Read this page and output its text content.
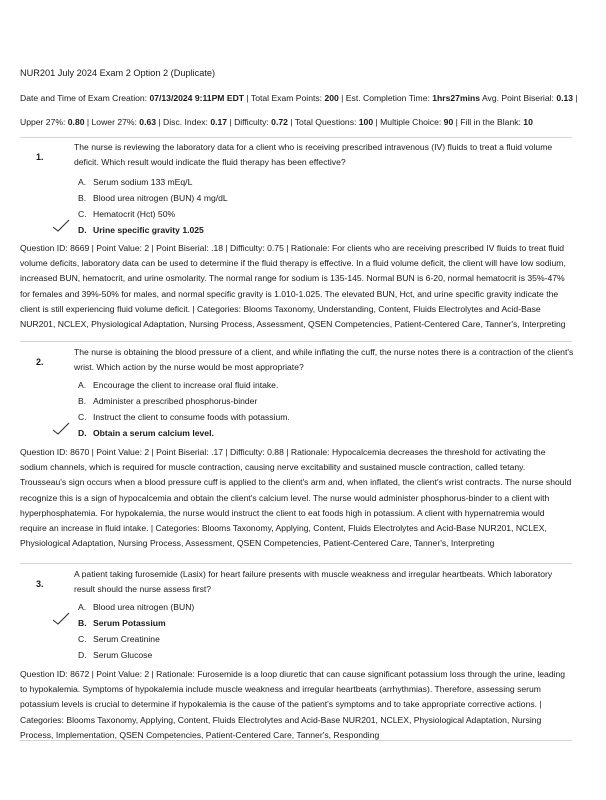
NUR201 July 2024 Exam 2 Option 2 (Duplicate)
Date and Time of Exam Creation: 07/13/2024 9:11PM EDT | Total Exam Points: 200 | Est. Completion Time: 1hrs27mins Avg. Point Biserial: 0.13 |
Upper 27%: 0.80 | Lower 27%: 0.63 | Disc. Index: 0.17 | Difficulty: 0.72 | Total Questions: 100 | Multiple Choice: 90 | Fill in the Blank: 10
1.
The nurse is reviewing the laboratory data for a client who is receiving prescribed intravenous (IV) fluids to treat a fluid volume deficit. Which result would indicate the fluid therapy has been effective?
A. Serum sodium 133 mEq/L
B. Blood urea nitrogen (BUN) 4 mg/dL
C. Hematocrit (Hct) 50%
D. Urine specific gravity 1.025
Question ID: 8669 | Point Value: 2 | Point Biserial: .18 | Difficulty: 0.75 | Rationale: For clients who are receiving prescribed IV fluids to treat fluid volume deficits, laboratory data can be used to determine if the fluid therapy is effective. In a fluid volume deficit, the client will have low sodium, increased BUN, hematocrit, and urine osmolarity. The normal range for sodium is 135-145. Normal BUN is 6-20, normal hematocrit is 35%-47% for females and 39%-50% for males, and normal specific gravity is 1.010-1.025. The elevated BUN, Hct, and urine specific gravity indicate the client is still experiencing fluid volume deficit. | Categories: Blooms Taxonomy, Understanding, Content, Fluids Electrolytes and Acid-Base NUR201, NCLEX, Physiological Adaptation, Nursing Process, Assessment, QSEN Competencies, Patient-Centered Care, Tanner's, Interpreting
2.
The nurse is obtaining the blood pressure of a client, and while inflating the cuff, the nurse notes there is a contraction of the client's wrist. Which action by the nurse would be most appropriate?
A. Encourage the client to increase oral fluid intake.
B. Administer a prescribed phosphorus-binder
C. Instruct the client to consume foods with potassium.
D. Obtain a serum calcium level.
Question ID: 8670 | Point Value: 2 | Point Biserial: .17 | Difficulty: 0.88 | Rationale: Hypocalcemia decreases the threshold for activating the sodium channels, which is required for muscle contraction, causing nerve excitability and sustained muscle contraction, called tetany. Trousseau's sign occurs when a blood pressure cuff is applied to the client's arm and, when inflated, the client's wrist contracts. The nurse should recognize this is a sign of hypocalcemia and obtain the client's calcium level. The nurse would administer phosphorus-binder to a client with hyperphosphatemia. For hypokalemia, the nurse would instruct the client to eat foods high in potassium. A client with hypernatremia would require an increase in fluid intake. | Categories: Blooms Taxonomy, Applying, Content, Fluids Electrolytes and Acid-Base NUR201, NCLEX, Physiological Adaptation, Nursing Process, Assessment, QSEN Competencies, Patient-Centered Care, Tanner's, Interpreting
3.
A patient taking furosemide (Lasix) for heart failure presents with muscle weakness and irregular heartbeats. Which laboratory result should the nurse assess first?
A. Blood urea nitrogen (BUN)
B. Serum Potassium
C. Serum Creatinine
D. Serum Glucose
Question ID: 8672 | Point Value: 2 | Rationale: Furosemide is a loop diuretic that can cause significant potassium loss through the urine, leading to hypokalemia. Symptoms of hypokalemia include muscle weakness and irregular heartbeats (arrhythmias). Therefore, assessing serum potassium levels is crucial to determine if hypokalemia is the cause of the patient's symptoms and to take appropriate corrective actions. | Categories: Blooms Taxonomy, Applying, Content, Fluids Electrolytes and Acid-Base NUR201, NCLEX, Physiological Adaptation, Nursing Process, Implementation, QSEN Competencies, Patient-Centered Care, Tanner's, Responding
